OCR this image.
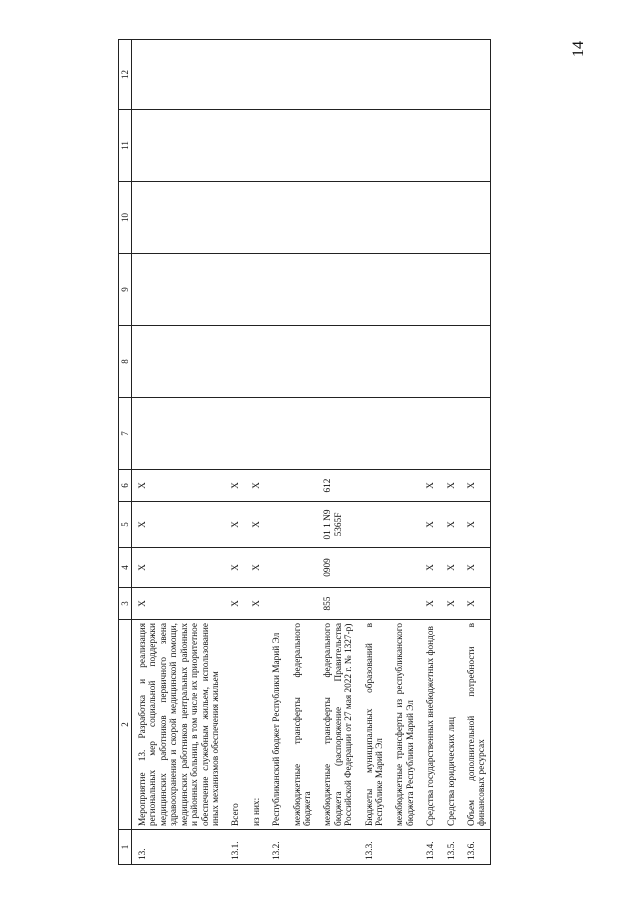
14
1	2	3	4	5	6	7	8	9	10	11	12
13.	Мероприятие 13. Разработка и реализация региональных мер социальной поддержки медицинских работников первичного звена здравоохранения и скорой медицинской помощи, медицинских работников центральных районных и районных больниц, в том числе их приоритетное обеспечение служебным жильем, использование иных механизмов обеспечения жильем	Х	Х	Х	Х						
13.1.	Всего	Х	Х	Х	Х						
	из них:	Х	Х	Х	Х						
13.2.	Республиканский бюджет Республики Марий Эл										
	межбюджетные трансферты федерального бюджета										
	межбюджетные трансферты федерального бюджета (распоряжение Правительства Российской Федерации от 27 мая 2022 г. № 1327-р)	855	0909	01 1 N9 5365F	612						
13.3.	Бюджеты муниципальных образований в Республике Марий Эл										
	межбюджетные трансферты из республиканского бюджета Республики Марий Эл										
13.4.	Средства государственных внебюджетных фондов	Х	Х	Х	Х						
13.5.	Средства юридических лиц	Х	Х	Х	Х						
13.6.	Объем дополнительной потребности в финансовых ресурсах	Х	Х	Х	Х						
